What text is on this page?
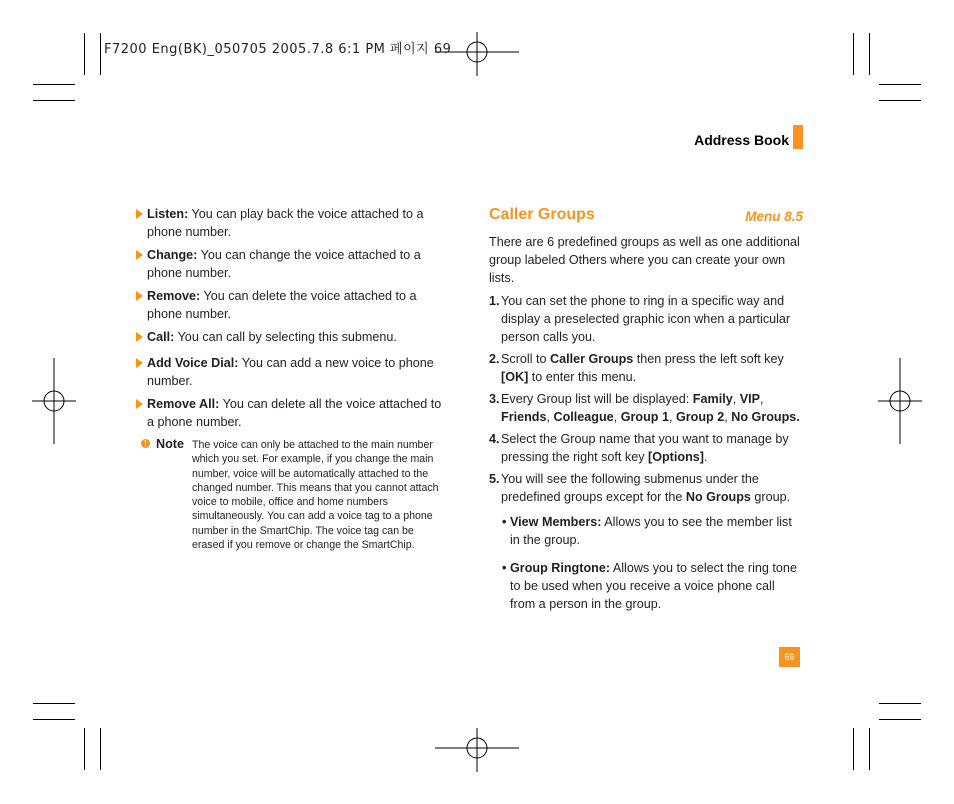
F7200 Eng(BK)_050705 2005.7.8 6:1 PM 페이지 69
Address Book
Listen: You can play back the voice attached to a phone number.
Change: You can change the voice attached to a phone number.
Remove: You can delete the voice attached to a phone number.
Call: You can call by selecting this submenu.
Add Voice Dial: You can add a new voice to phone number.
Remove All: You can delete all the voice attached to a phone number.
! Note The voice can only be attached to the main number which you set. For example, if you change the main number, voice will be automatically attached to the changed number. This means that you cannot attach voice to mobile, office and home numbers simultaneously. You can add a voice tag to a phone number in the SmartChip. The voice tag can be erased if you remove or change the SmartChip.
Caller Groups	Menu 8.5
There are 6 predefined groups as well as one additional group labeled Others where you can create your own lists.
1. You can set the phone to ring in a specific way and display a preselected graphic icon when a particular person calls you.
2. Scroll to Caller Groups then press the left soft key [OK] to enter this menu.
3. Every Group list will be displayed: Family, VIP, Friends, Colleague, Group 1, Group 2, No Groups.
4. Select the Group name that you want to manage by pressing the right soft key [Options].
5. You will see the following submenus under the predefined groups except for the No Groups group.
• View Members: Allows you to see the member list in the group.
• Group Ringtone: Allows you to select the ring tone to be used when you receive a voice phone call from a person in the group.
69
